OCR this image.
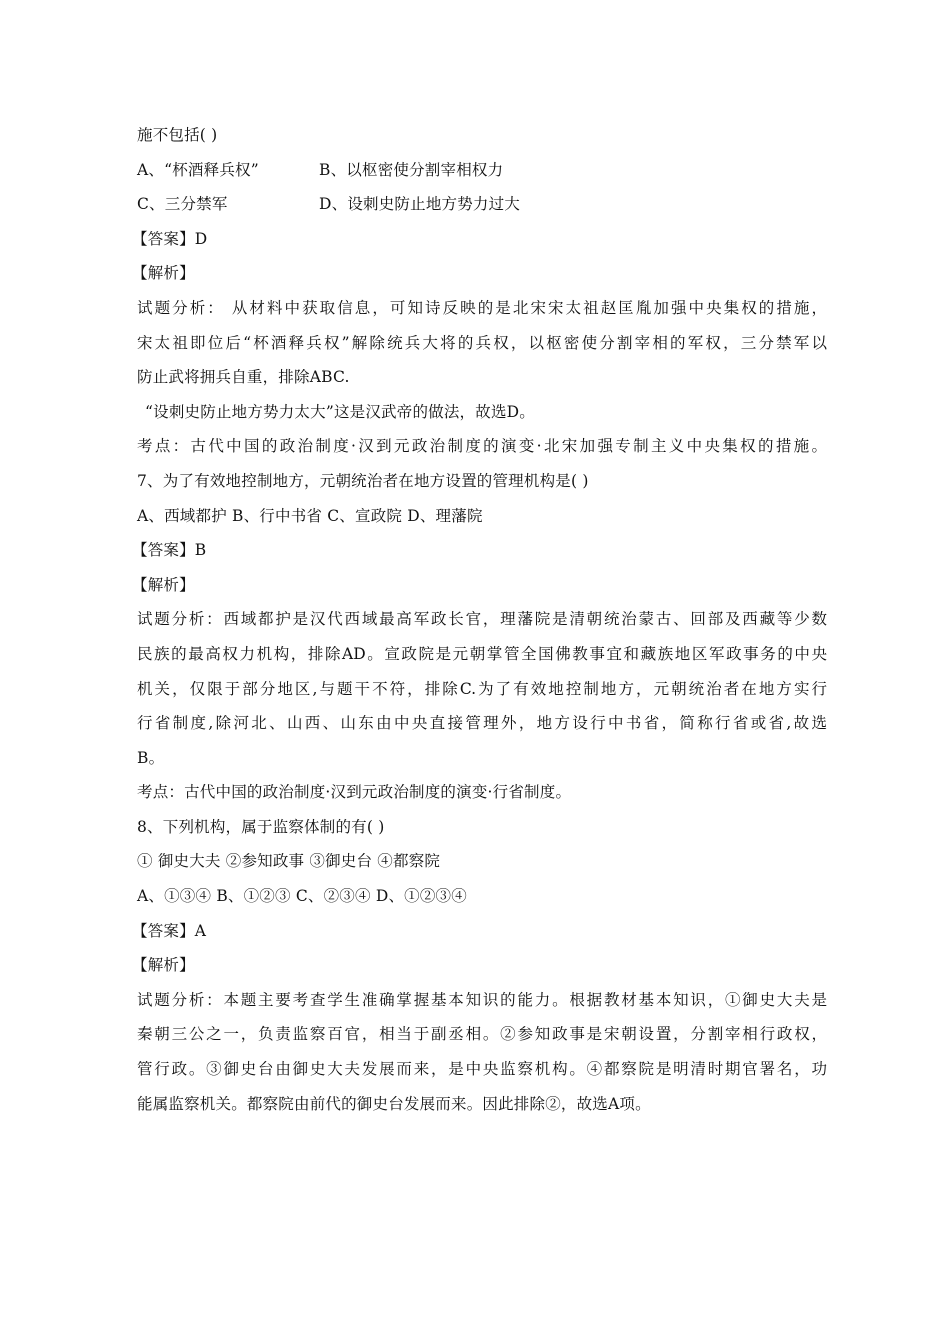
施不包括( )
A、“杯酒释兵权”	B、以枢密使分割宰相权力
C、三分禁军	D、设刺史防止地方势力过大
【答案】D
【解析】
试题分析： 从材料中获取信息，可知诗反映的是北宋宋太祖赵匡胤加强中央集权的措施，
宋太祖即位后“杯酒释兵权”解除统兵大将的兵权，以枢密使分割宰相的军权，三分禁军以
防止武将拥兵自重，排除ABC.
“设刺史防止地方势力太大”这是汉武帝的做法，故选D。
考点：古代中国的政治制度·汉到元政治制度的演变·北宋加强专制主义中央集权的措施。
7、为了有效地控制地方，元朝统治者在地方设置的管理机构是( )
A、西域都护 B、行中书省 C、宣政院 D、理藩院
【答案】B
【解析】
试题分析：西域都护是汉代西域最高军政长官，理藩院是清朝统治蒙古、回部及西藏等少数
民族的最高权力机构，排除AD。宣政院是元朝掌管全国佛教事宜和藏族地区军政事务的中央
机关，仅限于部分地区,与题干不符，排除C.为了有效地控制地方，元朝统治者在地方实行
行省制度,除河北、山西、山东由中央直接管理外，地方设行中书省，简称行省或省,故选
B。
考点：古代中国的政治制度·汉到元政治制度的演变·行省制度。
8、下列机构，属于监察体制的有( )
① 御史大夫 ②参知政事 ③御史台 ④都察院
A、①③④ B、①②③ C、②③④ D、①②③④
【答案】A
【解析】
试题分析：本题主要考查学生准确掌握基本知识的能力。根据教材基本知识，①御史大夫是
秦朝三公之一，负责监察百官，相当于副丞相。②参知政事是宋朝设置，分割宰相行政权，
管行政。③御史台由御史大夫发展而来，是中央监察机构。④都察院是明清时期官署名，功
能属监察机关。都察院由前代的御史台发展而来。因此排除②，故选A项。
